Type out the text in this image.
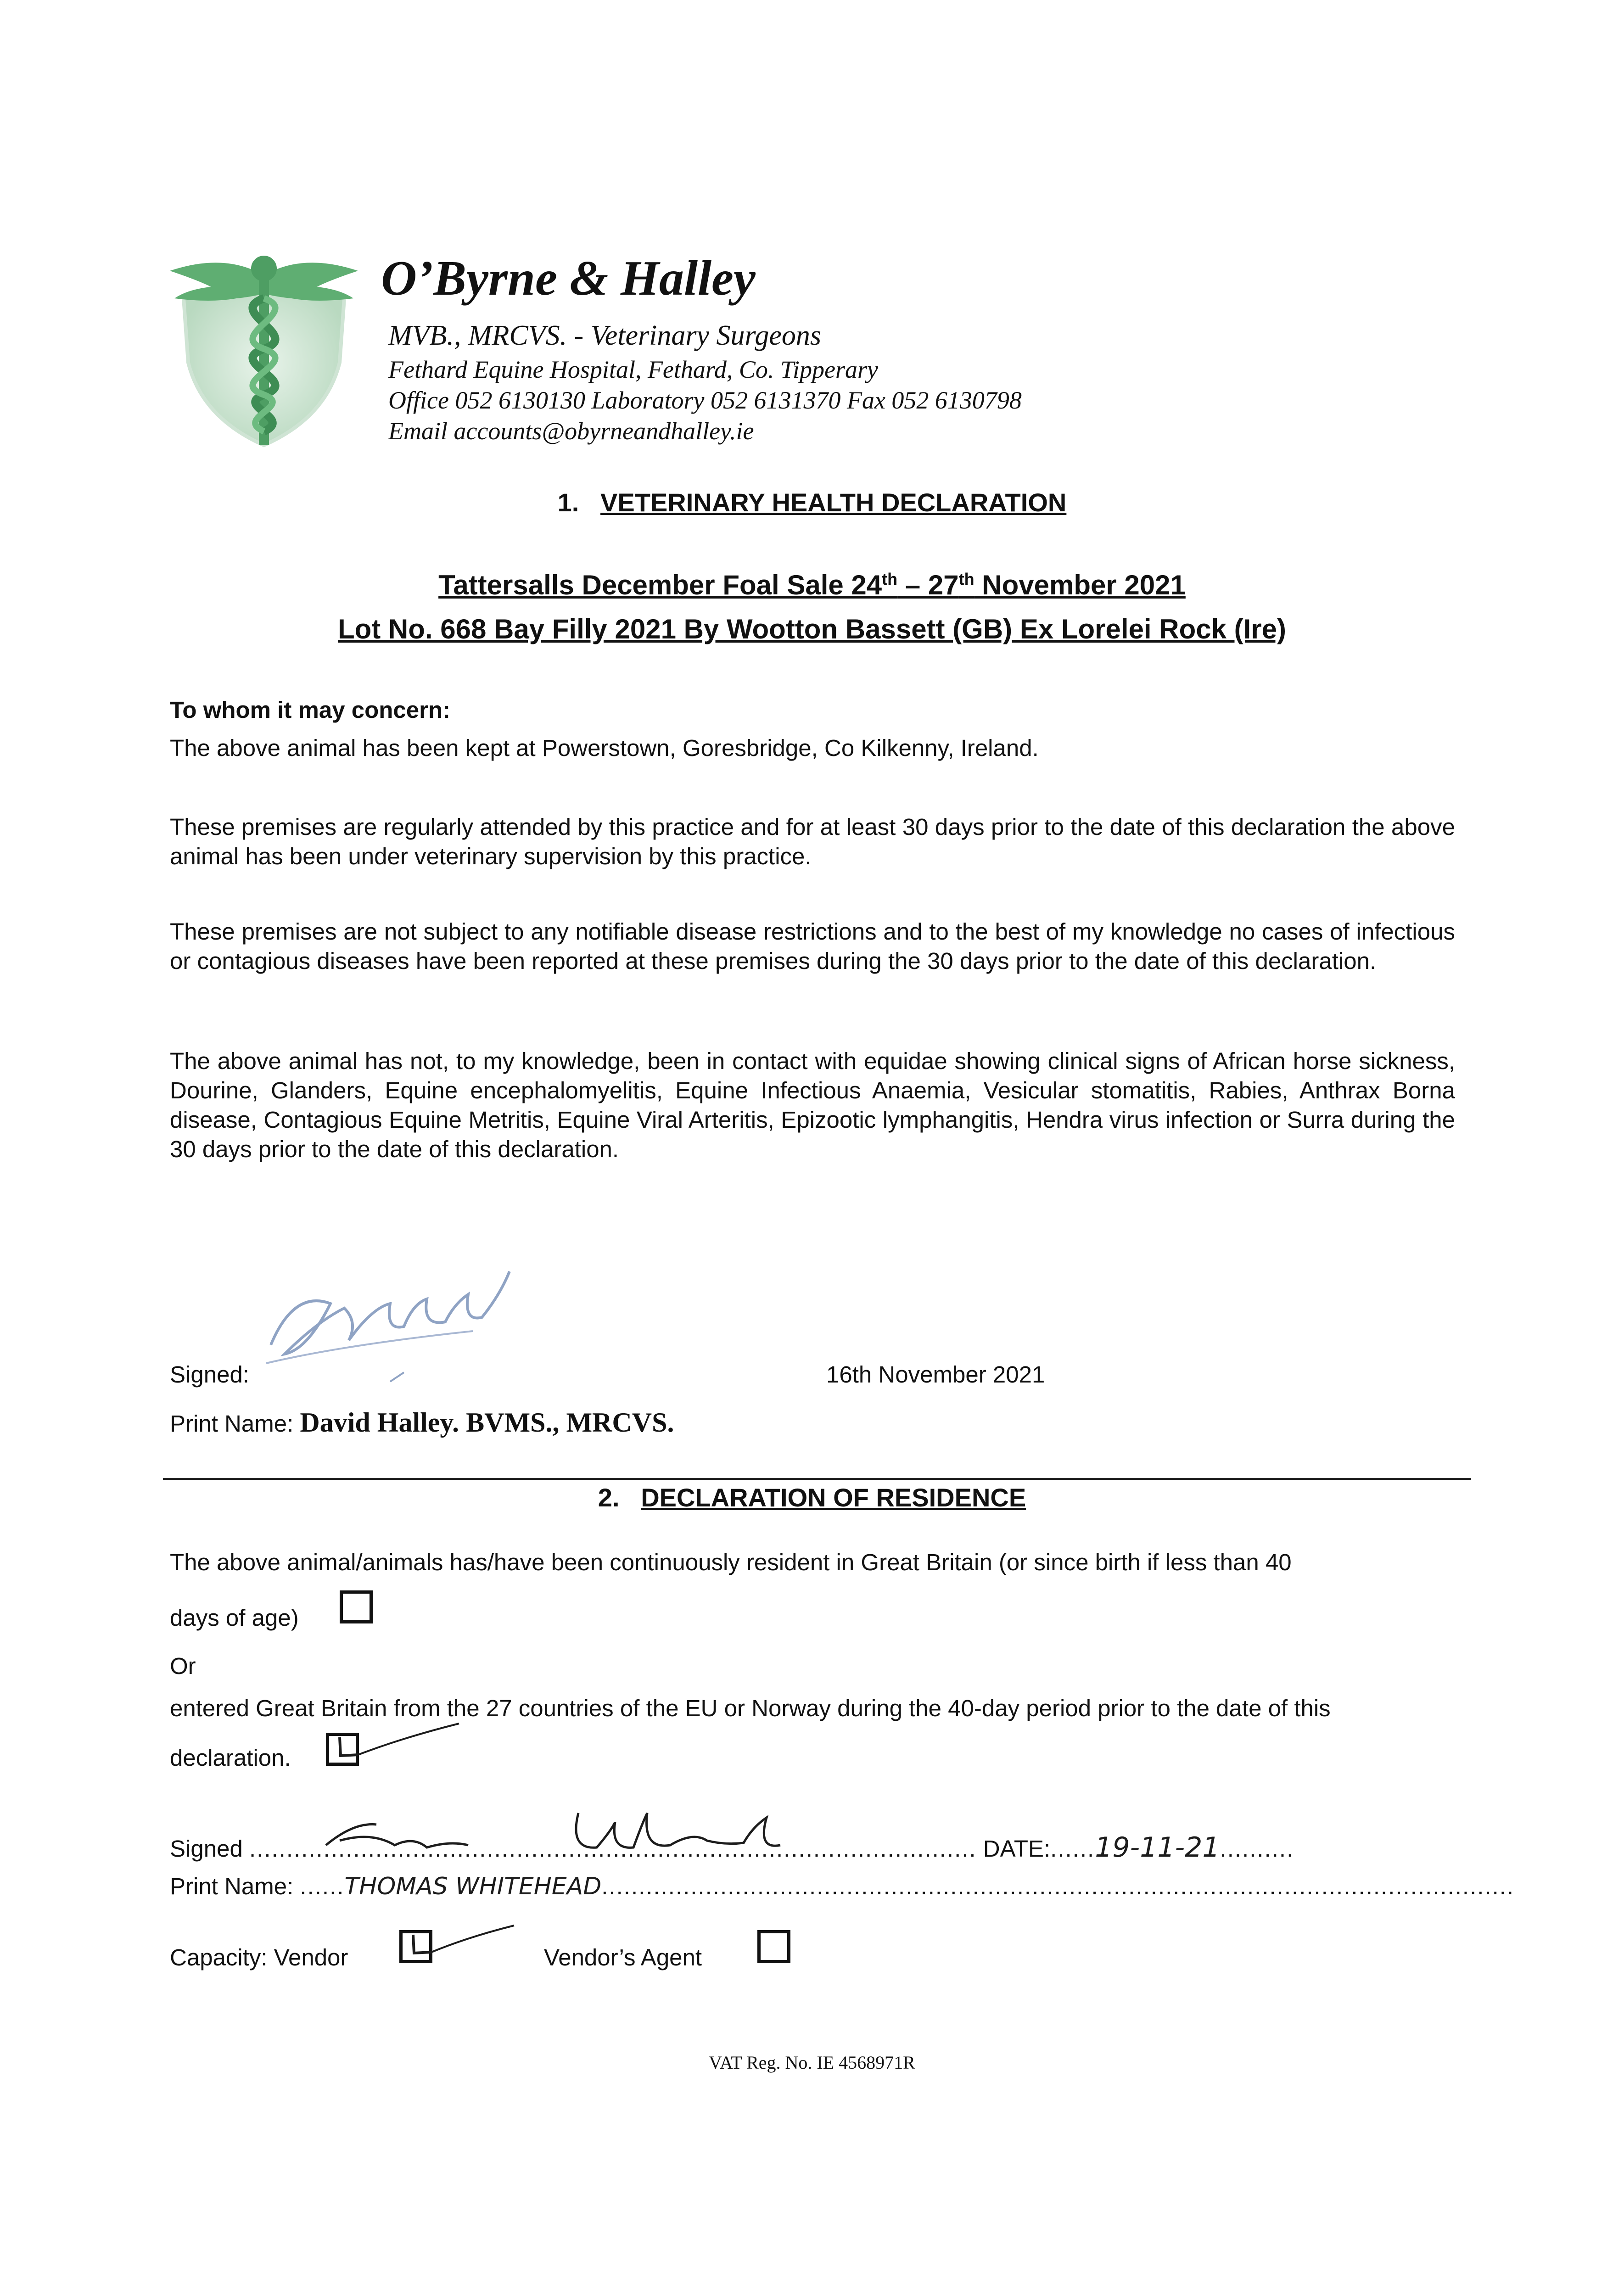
O’Byrne & Halley
MVB., MRCVS. - Veterinary Surgeons
Fethard Equine Hospital, Fethard, Co. Tipperary
Office 052 6130130 Laboratory 052 6131370 Fax 052 6130798
Email accounts@obyrneandhalley.ie
1. VETERINARY HEALTH DECLARATION
Tattersalls December Foal Sale 24th – 27th November 2021
Lot No. 668 Bay Filly 2021 By Wootton Bassett (GB) Ex Lorelei Rock (Ire)
To whom it may concern:
The above animal has been kept at Powerstown, Goresbridge, Co Kilkenny, Ireland.
These premises are regularly attended by this practice and for at least 30 days prior to the date of this declaration the above animal has been under veterinary supervision by this practice.
These premises are not subject to any notifiable disease restrictions and to the best of my knowledge no cases of infectious or contagious diseases have been reported at these premises during the 30 days prior to the date of this declaration.
The above animal has not, to my knowledge, been in contact with equidae showing clinical signs of African horse sickness, Dourine, Glanders, Equine encephalomyelitis, Equine Infectious Anaemia, Vesicular stomatitis, Rabies, Anthrax Borna disease, Contagious Equine Metritis, Equine Viral Arteritis, Epizootic lymphangitis, Hendra virus infection or Surra during the 30 days prior to the date of this declaration.
Signed:	16th November 2021
Print Name: David Halley. BVMS., MRCVS.
2. DECLARATION OF RESIDENCE
The above animal/animals has/have been continuously resident in Great Britain (or since birth if less than 40
days of age)
Or
entered Great Britain from the 27 countries of the EU or Norway during the 40-day period prior to the date of this
declaration.
Signed .................................................................................................. DATE:......19-11-21..........
Print Name: ......THOMAS WHITEHEAD...........................................................................................................................
Capacity: Vendor	Vendor’s Agent
VAT Reg. No. IE 4568971R
